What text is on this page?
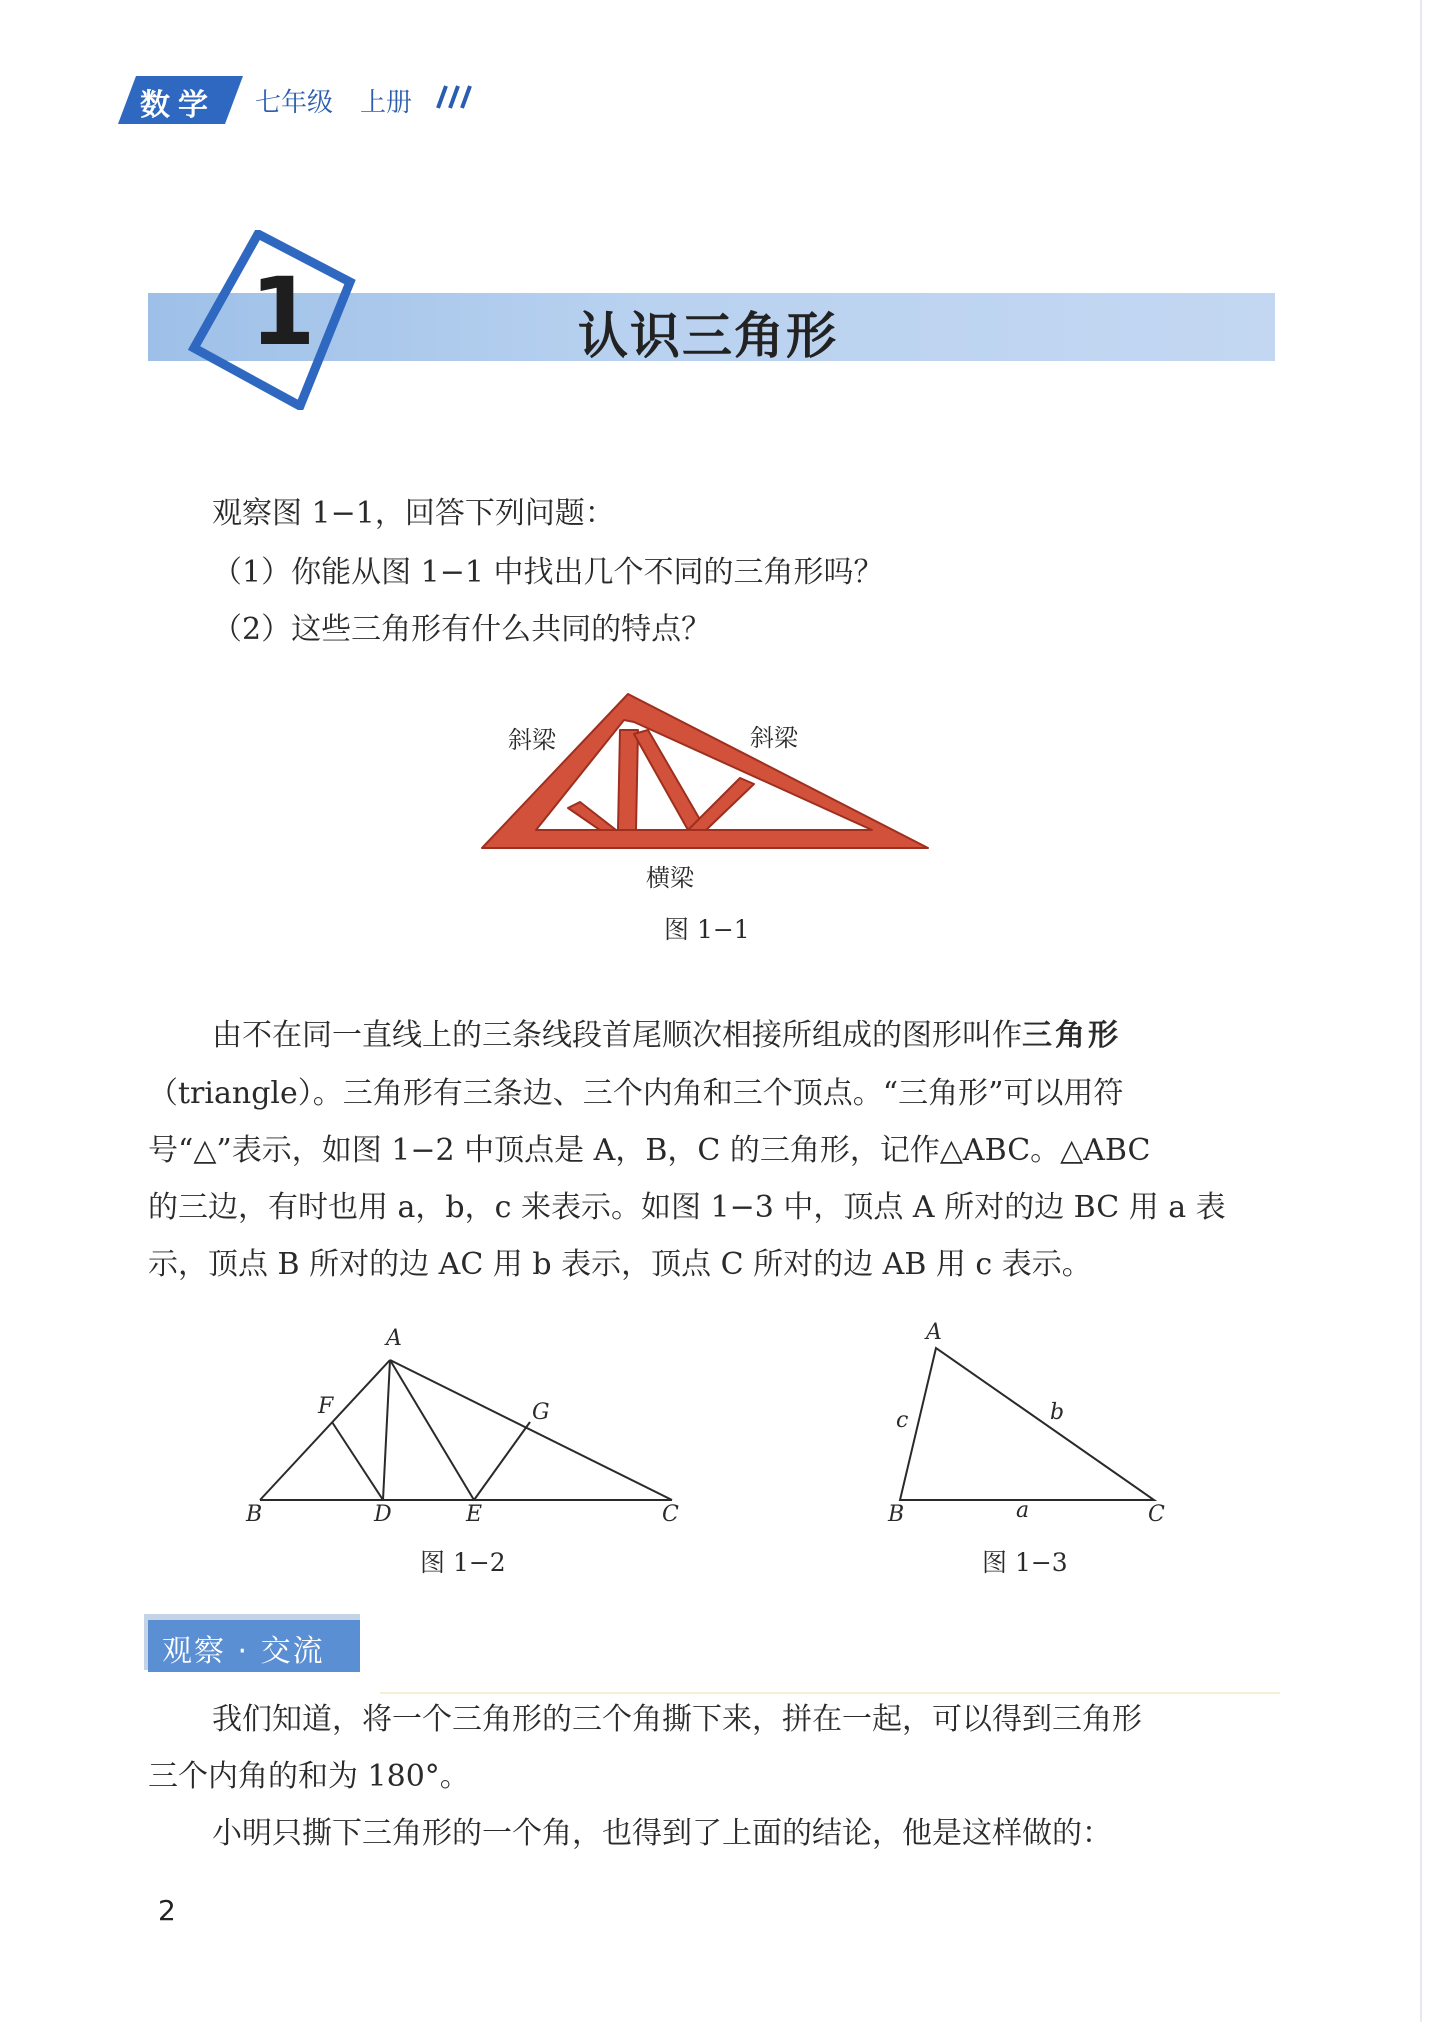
数学 七年级 上册
1	认识三角形
观察图 1−1，回答下列问题：
（1）你能从图 1−1 中找出几个不同的三角形吗？
（2）这些三角形有什么共同的特点？
斜梁	斜梁
横梁
图 1−1
由不在同一直线上的三条线段首尾顺次相接所组成的图形叫作三角形
（triangle）。三角形有三条边、三个内角和三个顶点。“三角形”可以用符
号“△”表示，如图 1−2 中顶点是 A，B，C 的三角形，记作△ABC。△ABC
的三边，有时也用 a，b，c 来表示。如图 1−3 中，顶点 A 所对的边 BC 用 a 表
示，顶点 B 所对的边 AC 用 b 表示，顶点 C 所对的边 AB 用 c 表示。
A
B	C
D	E
F	G
图 1−2
A
B	C
a
b
c
图 1−3
观察 · 交流
我们知道，将一个三角形的三个角撕下来，拼在一起，可以得到三角形
三个内角的和为 180°。
小明只撕下三角形的一个角，也得到了上面的结论，他是这样做的：
2
